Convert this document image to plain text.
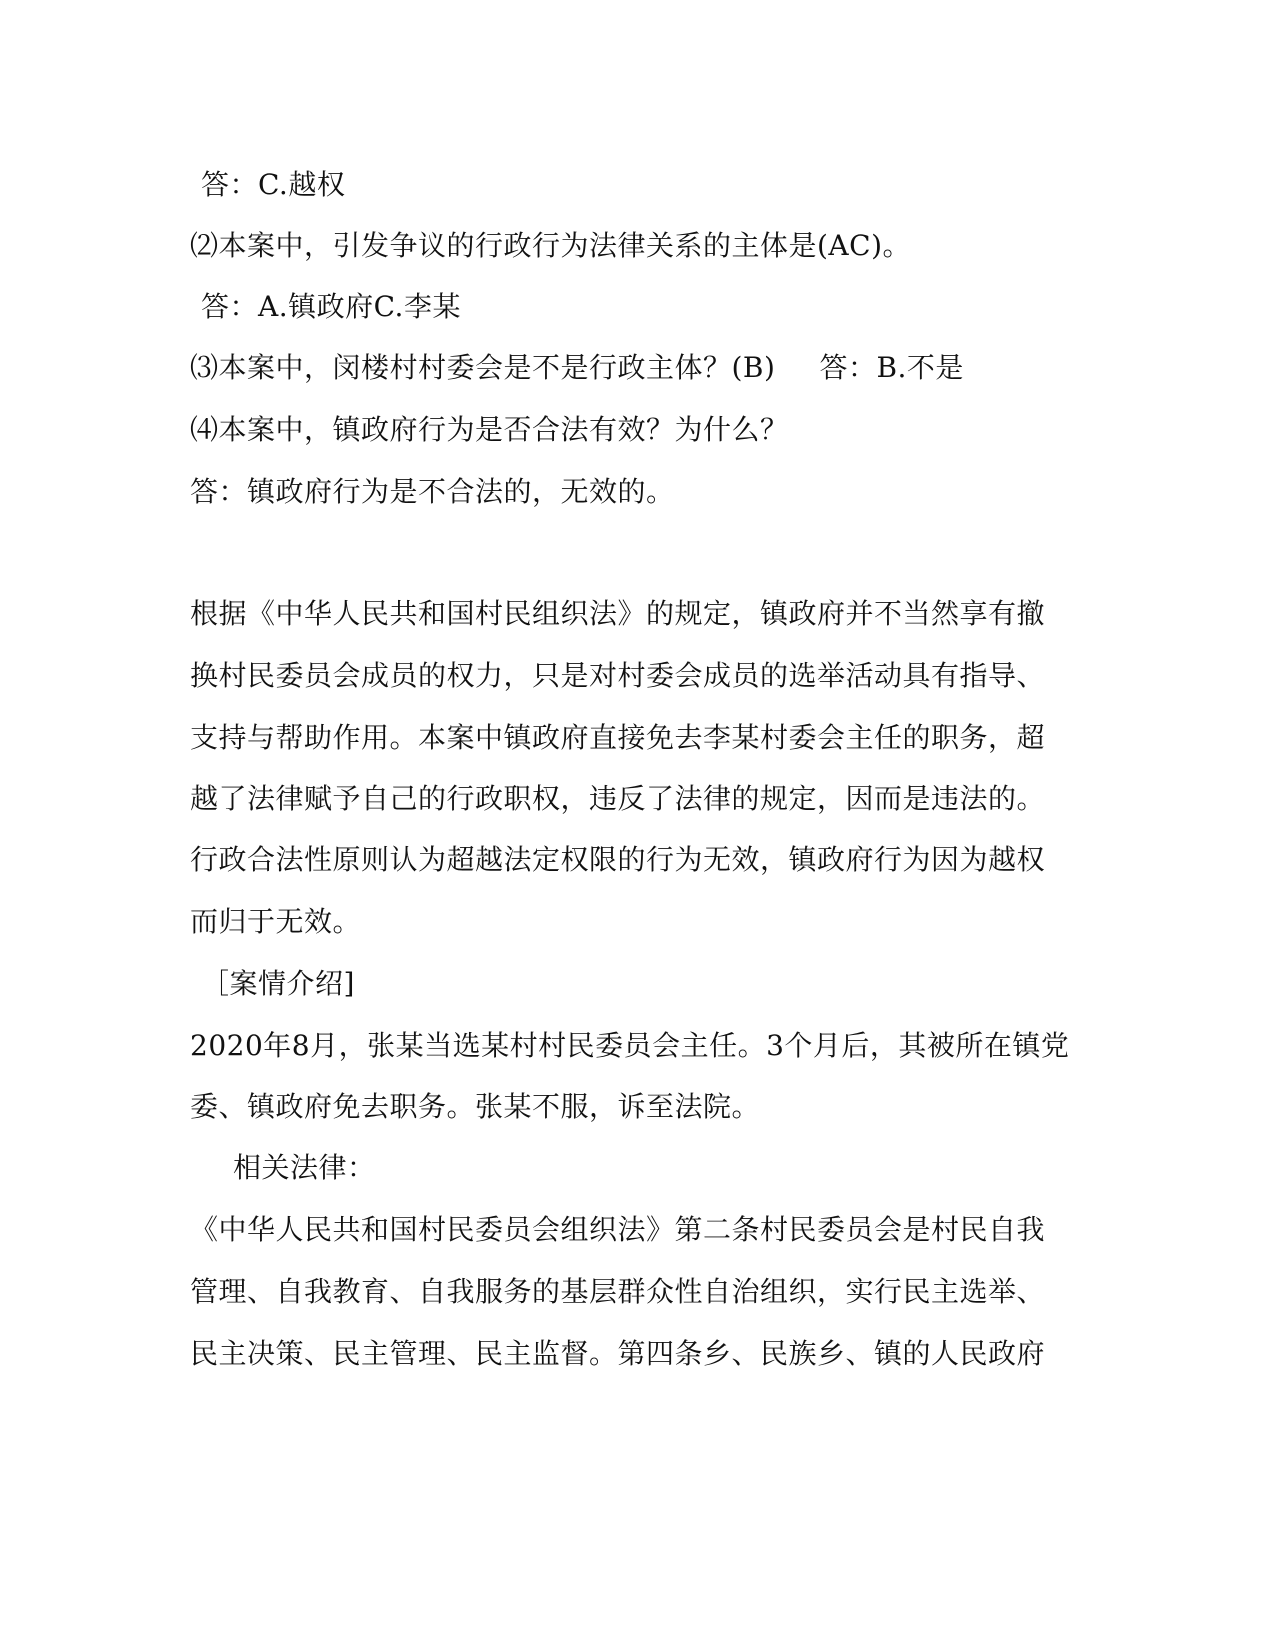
答：C.越权
⑵本案中，引发争议的行政行为法律关系的主体是(AC)。
答：A.镇政府C.李某
⑶本案中，闵楼村村委会是不是行政主体？(B) 答：B.不是
⑷本案中，镇政府行为是否合法有效？为什么？
答：镇政府行为是不合法的，无效的。
根据《中华人民共和国村民组织法》的规定，镇政府并不当然享有撤
换村民委员会成员的权力，只是对村委会成员的选举活动具有指导、
支持与帮助作用。本案中镇政府直接免去李某村委会主任的职务，超
越了法律赋予自己的行政职权，违反了法律的规定，因而是违法的。
行政合法性原则认为超越法定权限的行为无效，镇政府行为因为越权
而归于无效。
［案情介绍]
2020年8月，张某当选某村村民委员会主任。3个月后，其被所在镇党
委、镇政府免去职务。张某不服，诉至法院。
相关法律：
《中华人民共和国村民委员会组织法》第二条村民委员会是村民自我
管理、自我教育、自我服务的基层群众性自治组织，实行民主选举、
民主决策、民主管理、民主监督。第四条乡、民族乡、镇的人民政府
